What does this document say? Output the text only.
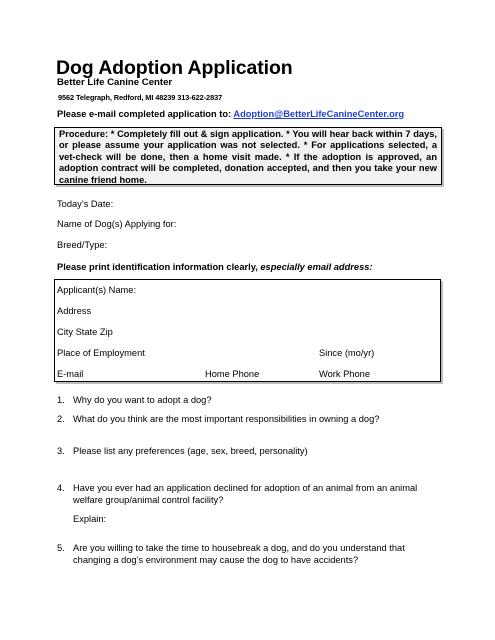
Dog Adoption Application
Better Life Canine Center
9562 Telegraph, Redford, MI 48239 313-622-2837
Please e-mail completed application to: Adoption@BetterLifeCanineCenter.org
Procedure: * Completely fill out & sign application. * You will hear back within 7 days, or please assume your application was not selected. * For applications selected, a vet-check will be done, then a home visit made. * If the adoption is approved, an adoption contract will be completed, donation accepted, and then you take your new canine friend home.
Today’s Date:
Name of Dog(s) Applying for:
Breed/Type:
Please print identification information clearly, especially email address:
Applicant(s) Name:
Address
City State Zip
Place of Employment	Since (mo/yr)
E-mail	Home Phone	Work Phone
1. Why do you want to adopt a dog?
2. What do you think are the most important responsibilities in owning a dog?
3. Please list any preferences (age, sex, breed, personality)
4. Have you ever had an application declined for adoption of an animal from an animal welfare group/animal control facility?
Explain:
5. Are you willing to take the time to housebreak a dog, and do you understand that changing a dog’s environment may cause the dog to have accidents?
